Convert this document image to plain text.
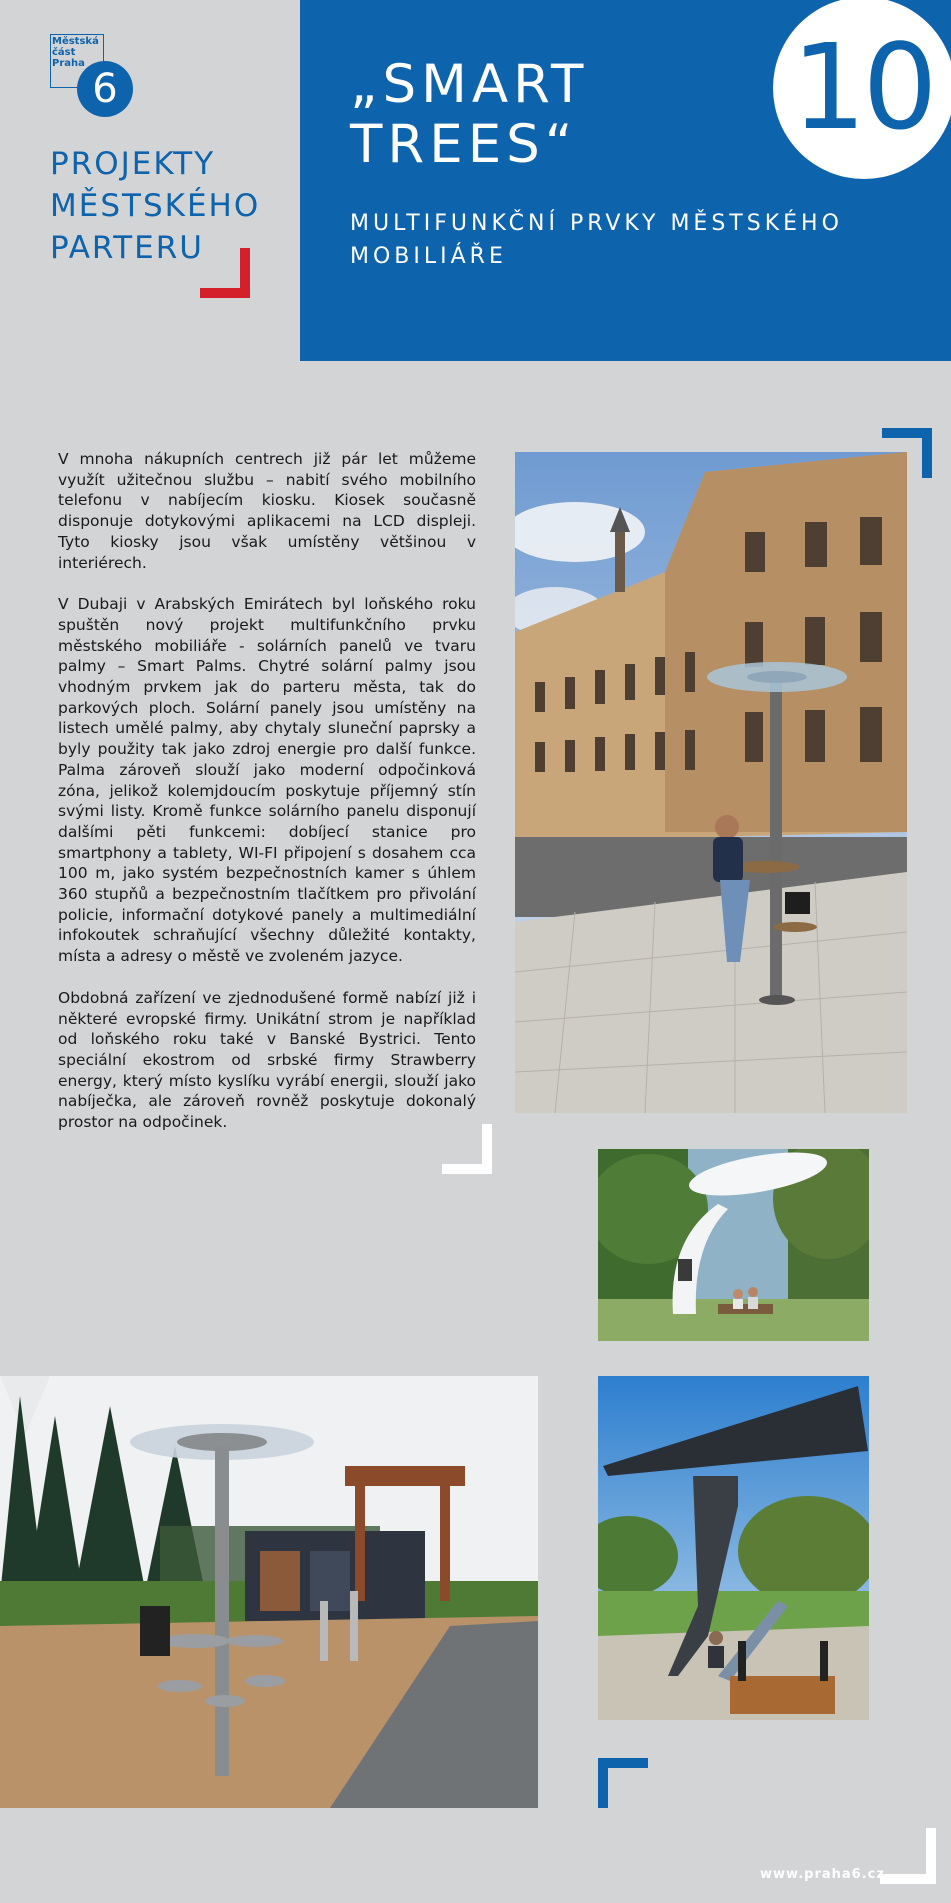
Městská
část
Praha
6
PROJEKTY
MĚSTSKÉHO
PARTERU
„SMART
TREES“
MULTIFUNKČNÍ PRVKY MĚSTSKÉHO
MOBILIÁŘE
10

V mnoha nákupních centrech již pár let můžeme využít užitečnou službu – nabití svého mobilního telefonu v nabíjecím kiosku. Kiosek současně disponuje dotykovými aplikacemi na LCD displeji. Tyto kiosky jsou však umístěny většinou v interiérech.

V Dubaji v Arabských Emirátech byl loňského roku spuštěn nový projekt multifunkčního prvku městského mobiliáře - solárních panelů ve tvaru palmy – Smart Palms. Chytré solární palmy jsou vhodným prvkem jak do parteru města, tak do parkových ploch. Solární panely jsou umístěny na listech umělé palmy, aby chytaly sluneční paprsky a byly použity tak jako zdroj energie pro další funkce. Palma zároveň slouží jako moderní odpočinková zóna, jelikož kolemjdoucím poskytuje příjemný stín svými listy. Kromě funkce solárního panelu disponují dalšími pěti funkcemi: dobíjecí stanice pro smartphony a tablety, WI-FI připojení s dosahem cca 100 m, jako systém bezpečnostních kamer s úhlem 360 stupňů a bezpečnostním tlačítkem pro přivolání policie, informační dotykové panely a multimediální infokoutek schraňující všechny důležité kontakty, místa a adresy o městě ve zvoleném jazyce.

Obdobná zařízení ve zjednodušené formě nabízí již i některé evropské firmy. Unikátní strom je například od loňského roku také v Banské Bystrici. Tento speciální ekostrom od srbské firmy Strawberry energy, který místo kyslíku vyrábí energii, slouží jako nabíječka, ale zároveň rovněž poskytuje dokonalý prostor na odpočinek.

www.praha6.cz
